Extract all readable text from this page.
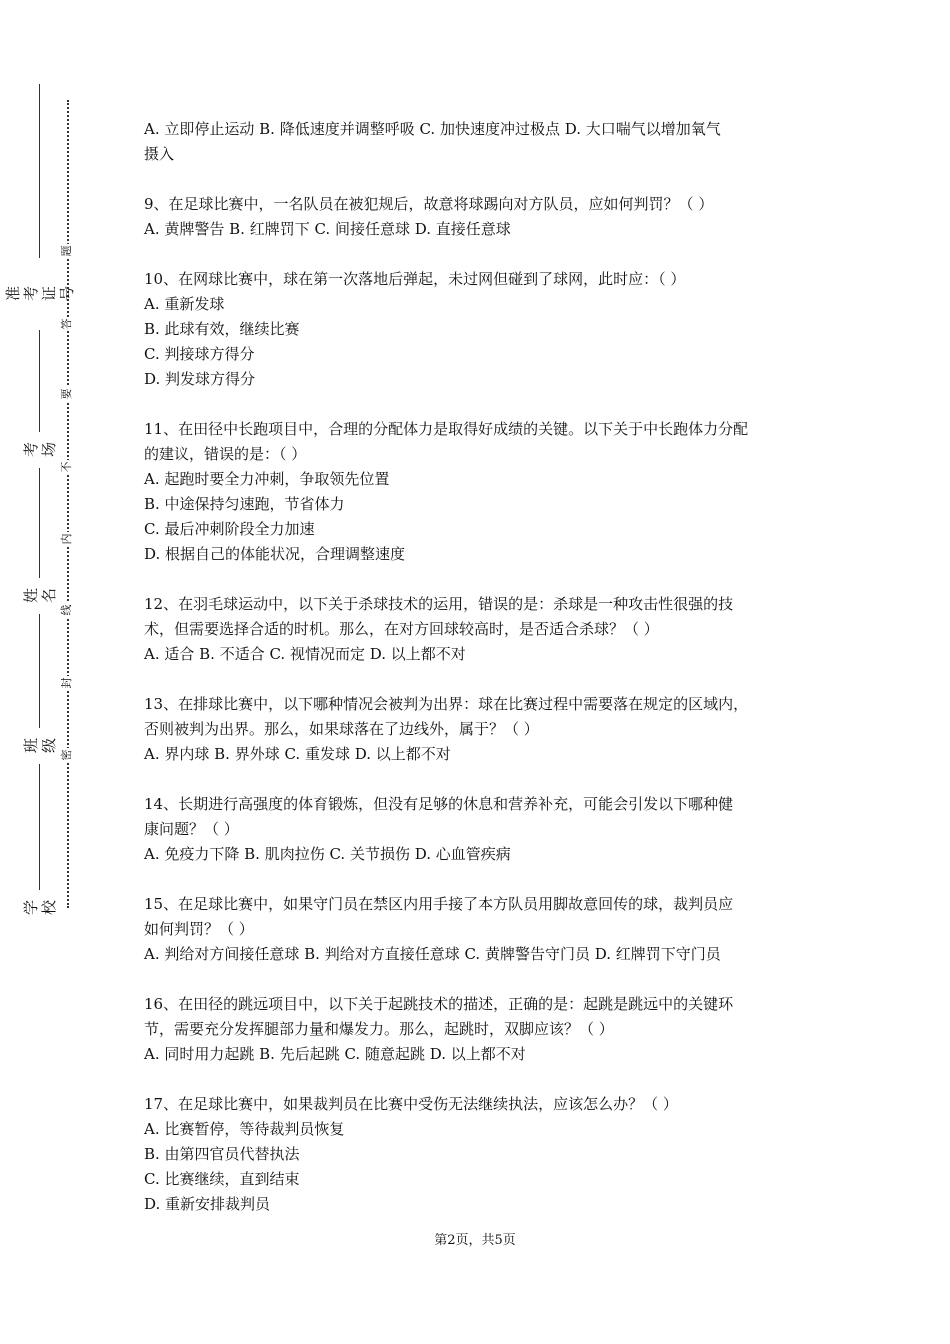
准考证号
考场
姓名
班级
学校
题
答
要
不
内
线
封
密
A. 立即停止运动 B. 降低速度并调整呼吸 C. 加快速度冲过极点 D. 大口喘气以增加氧气
摄入
9、在足球比赛中，一名队员在被犯规后，故意将球踢向对方队员，应如何判罚？（ ）
A. 黄牌警告 B. 红牌罚下 C. 间接任意球 D. 直接任意球
10、在网球比赛中，球在第一次落地后弹起，未过网但碰到了球网，此时应：（ ）
A. 重新发球
B. 此球有效，继续比赛
C. 判接球方得分
D. 判发球方得分
11、在田径中长跑项目中，合理的分配体力是取得好成绩的关键。以下关于中长跑体力分配
的建议，错误的是：（ ）
A. 起跑时要全力冲刺，争取领先位置
B. 中途保持匀速跑，节省体力
C. 最后冲刺阶段全力加速
D. 根据自己的体能状况，合理调整速度
12、在羽毛球运动中，以下关于杀球技术的运用，错误的是：杀球是一种攻击性很强的技
术，但需要选择合适的时机。那么，在对方回球较高时，是否适合杀球？（ ）
A. 适合 B. 不适合 C. 视情况而定 D. 以上都不对
13、在排球比赛中，以下哪种情况会被判为出界：球在比赛过程中需要落在规定的区域内，
否则被判为出界。那么，如果球落在了边线外，属于？（ ）
A. 界内球 B. 界外球 C. 重发球 D. 以上都不对
14、长期进行高强度的体育锻炼，但没有足够的休息和营养补充，可能会引发以下哪种健
康问题？（ ）
A. 免疫力下降 B. 肌肉拉伤 C. 关节损伤 D. 心血管疾病
15、在足球比赛中，如果守门员在禁区内用手接了本方队员用脚故意回传的球，裁判员应
如何判罚？（ ）
A. 判给对方间接任意球 B. 判给对方直接任意球 C. 黄牌警告守门员 D. 红牌罚下守门员
16、在田径的跳远项目中，以下关于起跳技术的描述，正确的是：起跳是跳远中的关键环
节，需要充分发挥腿部力量和爆发力。那么，起跳时，双脚应该？（ ）
A. 同时用力起跳 B. 先后起跳 C. 随意起跳 D. 以上都不对
17、在足球比赛中，如果裁判员在比赛中受伤无法继续执法，应该怎么办？（ ）
A. 比赛暂停，等待裁判员恢复
B. 由第四官员代替执法
C. 比赛继续，直到结束
D. 重新安排裁判员
第2页，共5页
